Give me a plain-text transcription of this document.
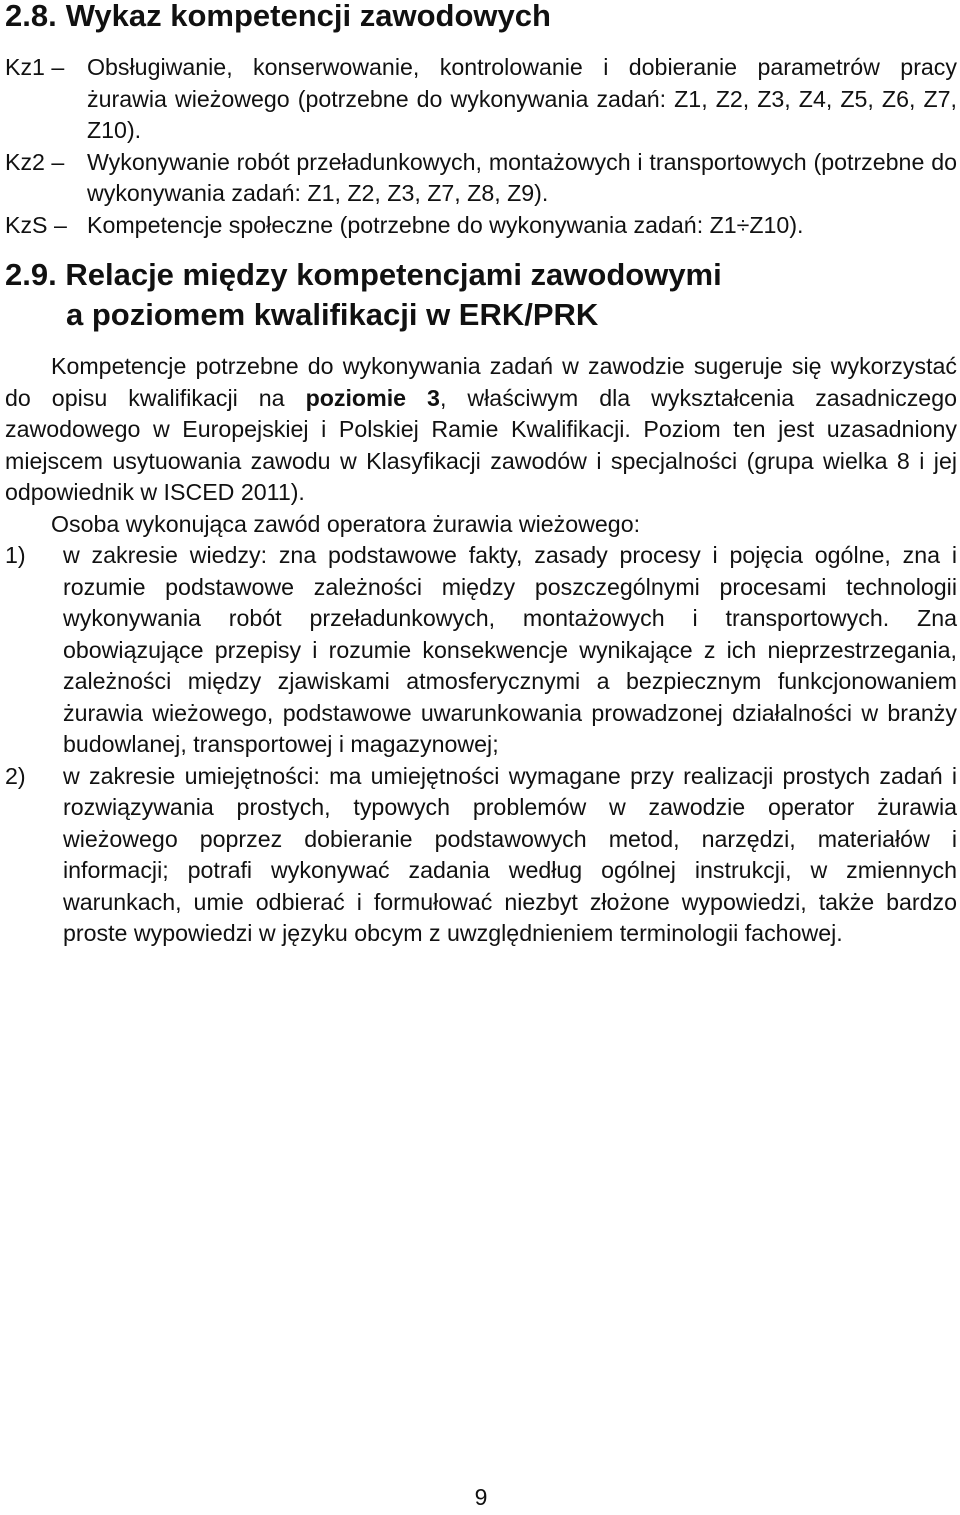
2.8. Wykaz kompetencji zawodowych
Kz1 – Obsługiwanie, konserwowanie, kontrolowanie i dobieranie parametrów pracy żurawia wieżowego (potrzebne do wykonywania zadań: Z1, Z2, Z3, Z4, Z5, Z6, Z7, Z10).
Kz2 – Wykonywanie robót przeładunkowych, montażowych i transportowych (potrzebne do wykonywania zadań: Z1, Z2, Z3, Z7, Z8, Z9).
KzS – Kompetencje społeczne (potrzebne do wykonywania zadań: Z1÷Z10).
2.9. Relacje między kompetencjami zawodowymi
a poziomem kwalifikacji w ERK/PRK

Kompetencje potrzebne do wykonywania zadań w zawodzie sugeruje się wykorzystać do opisu kwalifikacji na poziomie 3, właściwym dla wykształcenia zasadniczego zawodowego w Europejskiej i Polskiej Ramie Kwalifikacji. Poziom ten jest uzasadniony miejscem usytuowania zawodu w Klasyfikacji zawodów i specjalności (grupa wielka 8 i jej odpowiednik w ISCED 2011).

Osoba wykonująca zawód operatora żurawia wieżowego:

1)	w zakresie wiedzy: zna podstawowe fakty, zasady procesy i pojęcia ogólne, zna i rozumie podstawowe zależności między poszczególnymi procesami technologii wykonywania robót przeładunkowych, montażowych i transportowych. Zna obowiązujące przepisy i rozumie konsekwencje wynikające z ich nieprzestrzegania, zależności między zjawiskami atmosferycznymi a bezpiecznym funkcjonowaniem żurawia wieżowego, podstawowe uwarunkowania prowadzonej działalności w branży budowlanej, transportowej i magazynowej;
2)	w zakresie umiejętności: ma umiejętności wymagane przy realizacji prostych zadań i rozwiązywania prostych, typowych problemów w zawodzie operator żurawia wieżowego poprzez dobieranie podstawowych metod, narzędzi, materiałów i informacji; potrafi wykonywać zadania według ogólnej instrukcji, w zmiennych warunkach, umie odbierać i formułować niezbyt złożone wypowiedzi, także bardzo proste wypowiedzi w języku obcym z uwzględnieniem terminologii fachowej.
9
